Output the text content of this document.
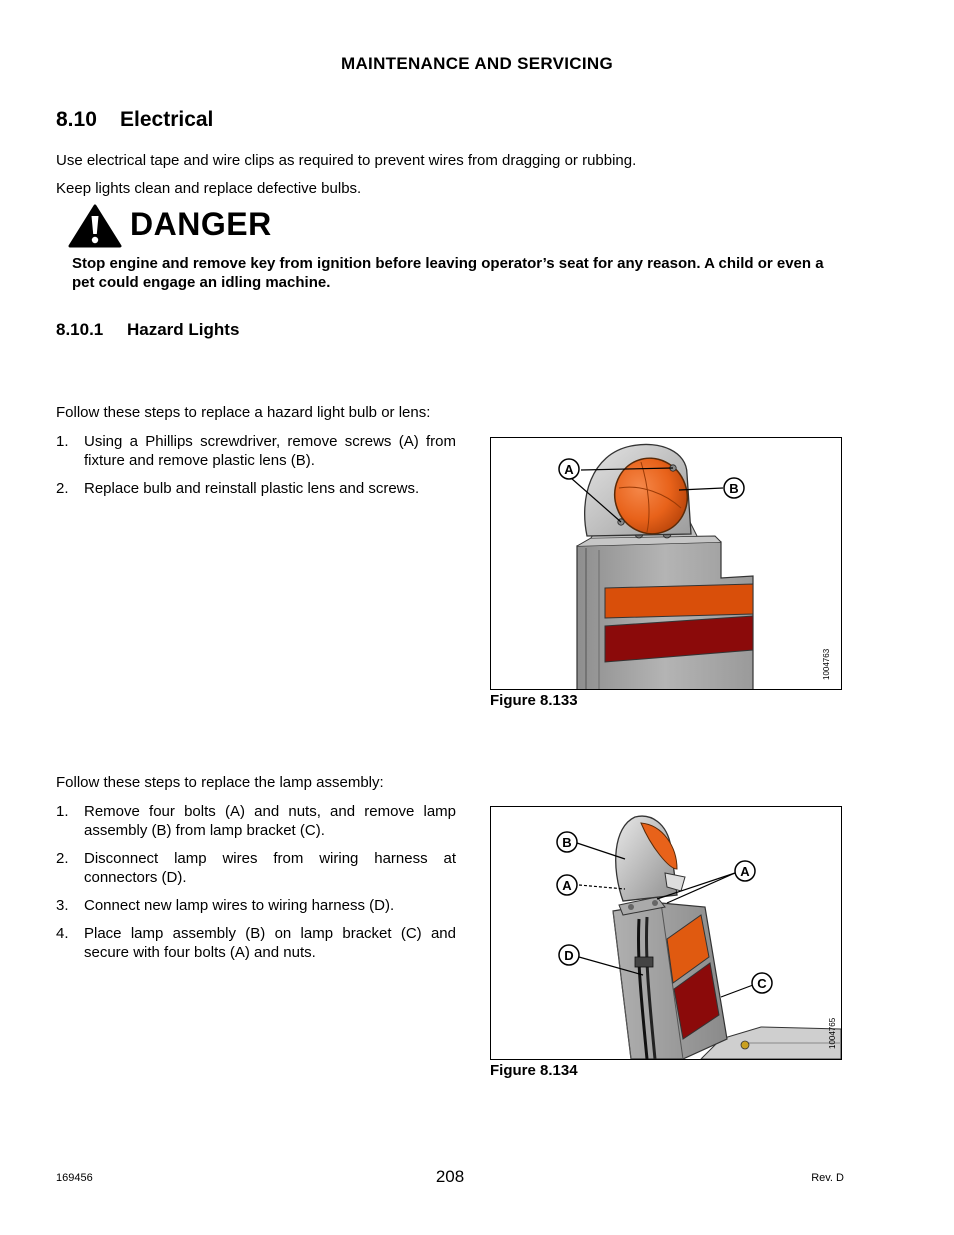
MAINTENANCE AND SERVICING
8.10 Electrical
Use electrical tape and wire clips as required to prevent wires from dragging or rubbing.
Keep lights clean and replace defective bulbs.
DANGER
Stop engine and remove key from ignition before leaving operator’s seat for any reason. A child or even a pet could engage an idling machine.
8.10.1 Hazard Lights
Follow these steps to replace a hazard light bulb or lens:
1. Using a Phillips screwdriver, remove screws (A) from fixture and remove plastic lens (B).
2. Replace bulb and reinstall plastic lens and screws.
A
B
1004763
Figure 8.133
Follow these steps to replace the lamp assembly:
1. Remove four bolts (A) and nuts, and remove lamp assembly (B) from lamp bracket (C).
2. Disconnect lamp wires from wiring harness at connectors (D).
3. Connect new lamp wires to wiring harness (D).
4. Place lamp assembly (B) on lamp bracket (C) and secure with four bolts (A) and nuts.
B
A
A
D
C
1004765
Figure 8.134
169456	208	Rev. D
